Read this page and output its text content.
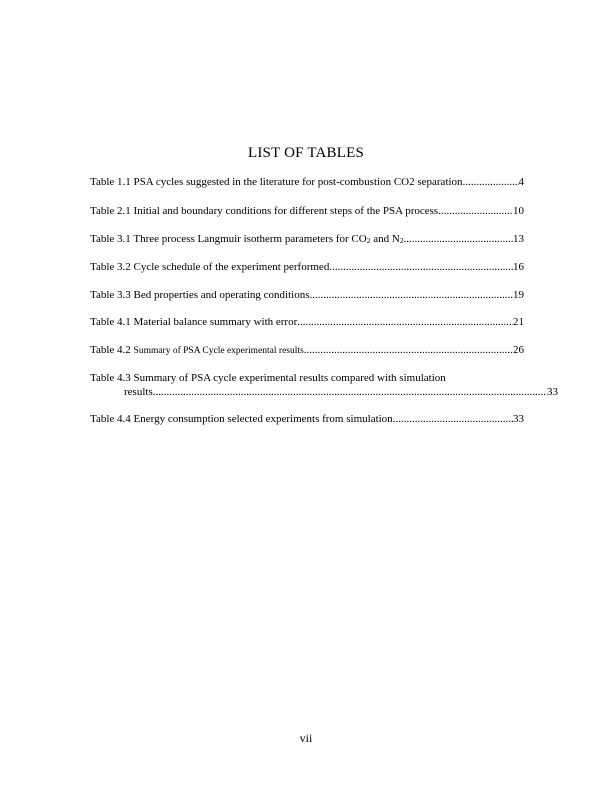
LIST OF TABLES
Table 1.1 PSA cycles suggested in the literature for post-combustion CO2 separation .....	4
Table 2.1 Initial and boundary conditions for different steps of the PSA process .....	10
Table 3.1 Three process Langmuir isotherm parameters for CO2 and N2 .....	13
Table 3.2 Cycle schedule of the experiment performed .....	16
Table 3.3 Bed properties and operating conditions .....	19
Table 4.1 Material balance summary with error .....	21
Table 4.2 Summary of PSA Cycle experimental results .....	26
Table 4.3 Summary of PSA cycle experimental results compared with simulation
results .....	33
Table 4.4 Energy consumption selected experiments from simulation .....	33
vii
